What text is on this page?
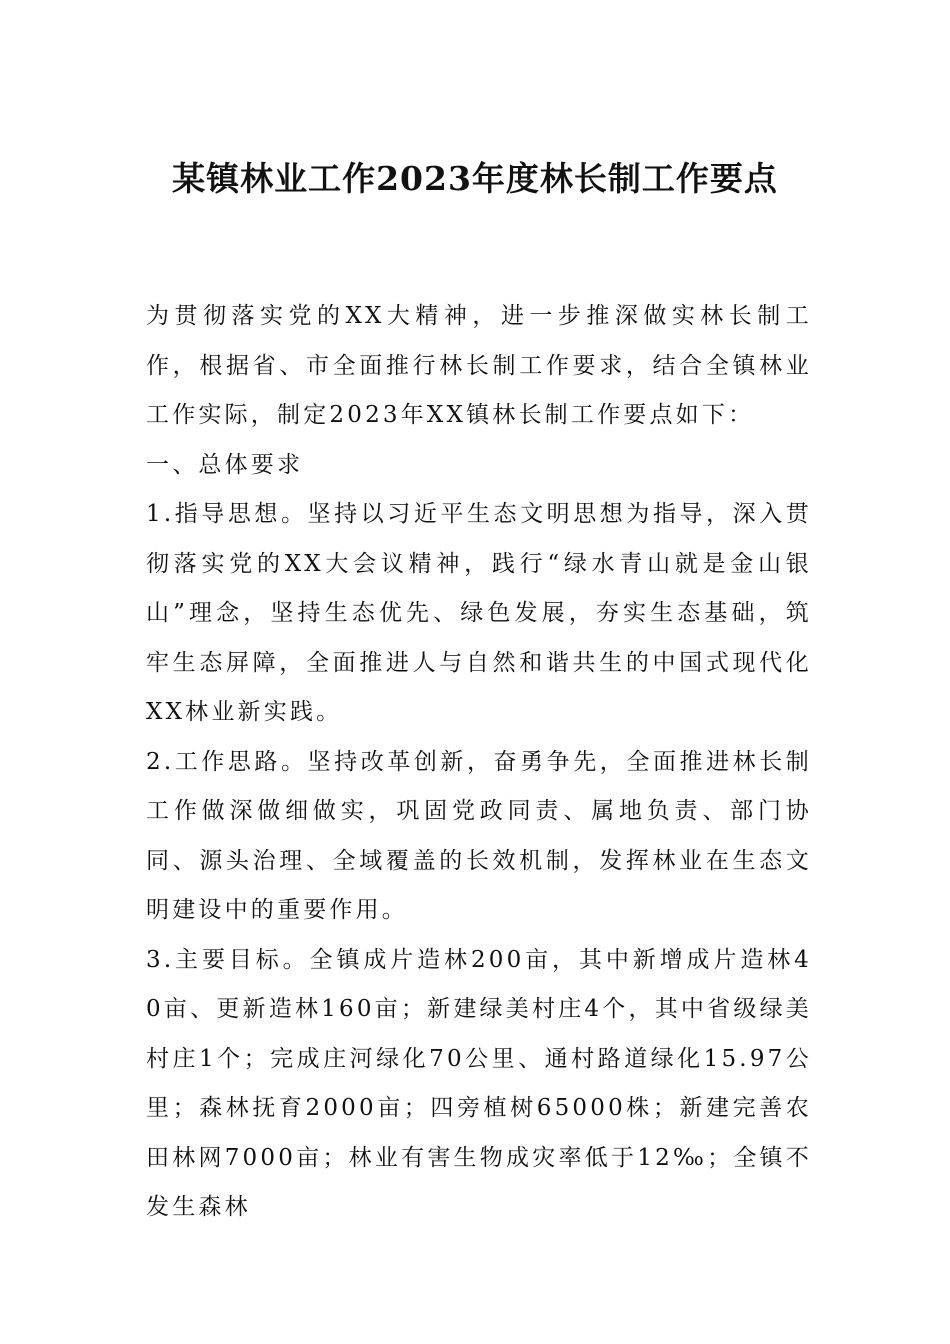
某镇林业工作2023年度林长制工作要点

为贯彻落实党的XX大精神，进一步推深做实林长制工作，根据省、市全面推行林长制工作要求，结合全镇林业工作实际，制定2023年XX镇林长制工作要点如下：

一、总体要求

1.指导思想。坚持以习近平生态文明思想为指导，深入贯彻落实党的XX大会议精神，践行“绿水青山就是金山银山”理念，坚持生态优先、绿色发展，夯实生态基础，筑牢生态屏障，全面推进人与自然和谐共生的中国式现代化XX林业新实践。

2.工作思路。坚持改革创新，奋勇争先，全面推进林长制工作做深做细做实，巩固党政同责、属地负责、部门协同、源头治理、全域覆盖的长效机制，发挥林业在生态文明建设中的重要作用。

3.主要目标。全镇成片造林200亩，其中新增成片造林40亩、更新造林160亩；新建绿美村庄4个，其中省级绿美村庄1个；完成庄河绿化70公里、通村路道绿化15.97公里；森林抚育2000亩；四旁植树65000株；新建完善农田林网7000亩；林业有害生物成灾率低于12‰；全镇不发生森林
